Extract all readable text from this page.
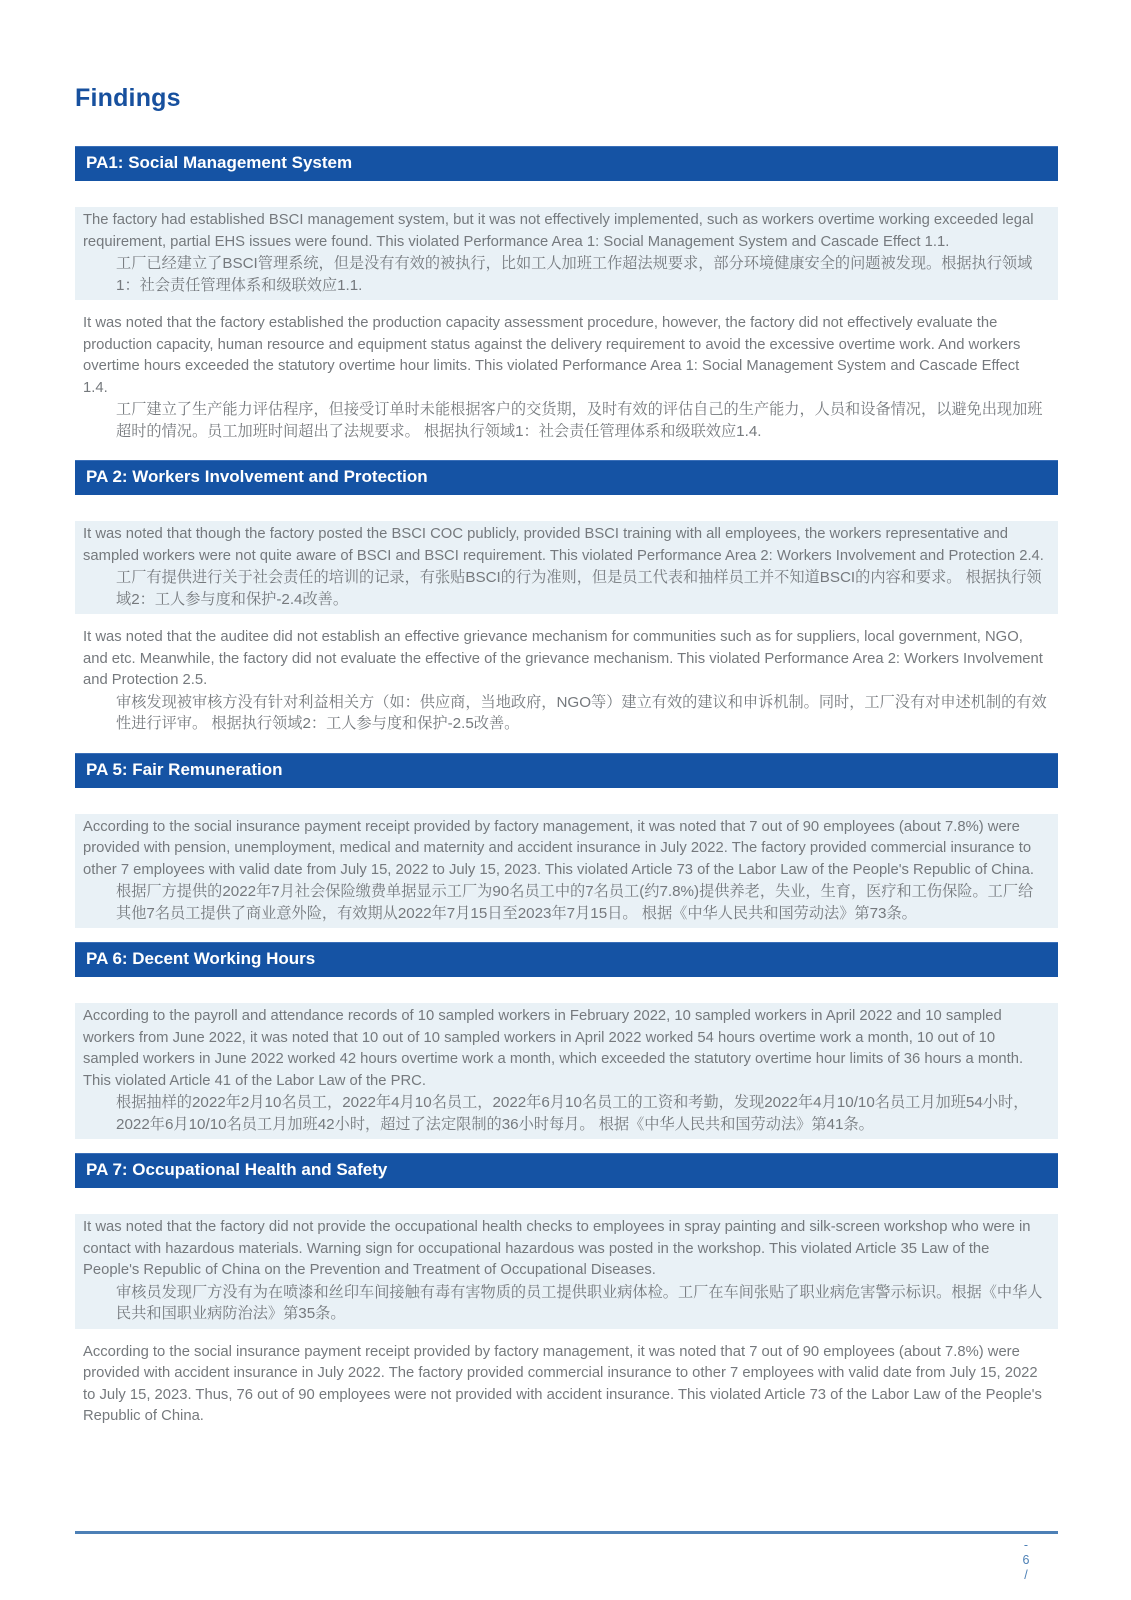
Findings
PA1: Social Management System

The factory had established BSCI management system, but it was not effectively implemented, such as workers overtime working exceeded legal requirement, partial EHS issues were found. This violated Performance Area 1: Social Management System and Cascade Effect 1.1.

工厂已经建立了BSCI管理系统，但是没有有效的被执行，比如工人加班工作超法规要求，部分环境健康安全的问题被发现。根据执行领域1：社会责任管理体系和级联效应1.1.

It was noted that the factory established the production capacity assessment procedure, however, the factory did not effectively evaluate the production capacity, human resource and equipment status against the delivery requirement to avoid the excessive overtime work. And workers overtime hours exceeded the statutory overtime hour limits. This violated Performance Area 1: Social Management System and Cascade Effect 1.4.

工厂建立了生产能力评估程序，但接受订单时未能根据客户的交货期，及时有效的评估自己的生产能力，人员和设备情况，以避免出现加班超时的情况。员工加班时间超出了法规要求。 根据执行领域1：社会责任管理体系和级联效应1.4.

PA 2: Workers Involvement and Protection

It was noted that though the factory posted the BSCI COC publicly, provided BSCI training with all employees, the workers representative and sampled workers were not quite aware of BSCI and BSCI requirement. This violated Performance Area 2: Workers Involvement and Protection 2.4.

工厂有提供进行关于社会责任的培训的记录，有张贴BSCI的行为准则，但是员工代表和抽样员工并不知道BSCI的内容和要求。 根据执行领域2：工人参与度和保护-2.4改善。

It was noted that the auditee did not establish an effective grievance mechanism for communities such as for suppliers, local government, NGO, and etc. Meanwhile, the factory did not evaluate the effective of the grievance mechanism. This violated Performance Area 2: Workers Involvement and Protection 2.5.

审核发现被审核方没有针对利益相关方（如：供应商，当地政府，NGO等）建立有效的建议和申诉机制。同时，工厂没有对申述机制的有效性进行评审。 根据执行领域2：工人参与度和保护-2.5改善。

PA 5: Fair Remuneration

According to the social insurance payment receipt provided by factory management, it was noted that 7 out of 90 employees (about 7.8%) were provided with pension, unemployment, medical and maternity and accident insurance in July 2022. The factory provided commercial insurance to other 7 employees with valid date from July 15, 2022 to July 15, 2023. This violated Article 73 of the Labor Law of the People's Republic of China.

根据厂方提供的2022年7月社会保险缴费单据显示工厂为90名员工中的7名员工(约7.8%)提供养老，失业，生育，医疗和工伤保险。工厂给其他7名员工提供了商业意外险，有效期从2022年7月15日至2023年7月15日。 根据《中华人民共和国劳动法》第73条。

PA 6: Decent Working Hours

According to the payroll and attendance records of 10 sampled workers in February 2022, 10 sampled workers in April 2022 and 10 sampled workers from June 2022, it was noted that 10 out of 10 sampled workers in April 2022 worked 54 hours overtime work a month, 10 out of 10 sampled workers in June 2022 worked 42 hours overtime work a month, which exceeded the statutory overtime hour limits of 36 hours a month. This violated Article 41 of the Labor Law of the PRC.

根据抽样的2022年2月10名员工，2022年4月10名员工，2022年6月10名员工的工资和考勤，发现2022年4月10/10名员工月加班54小时，2022年6月10/10名员工月加班42小时，超过了法定限制的36小时每月。 根据《中华人民共和国劳动法》第41条。

PA 7: Occupational Health and Safety

It was noted that the factory did not provide the occupational health checks to employees in spray painting and silk-screen workshop who were in contact with hazardous materials. Warning sign for occupational hazardous was posted in the workshop. This violated Article 35 Law of the People's Republic of China on the Prevention and Treatment of Occupational Diseases.

审核员发现厂方没有为在喷漆和丝印车间接触有毒有害物质的员工提供职业病体检。工厂在车间张贴了职业病危害警示标识。根据《中华人民共和国职业病防治法》第35条。

According to the social insurance payment receipt provided by factory management, it was noted that 7 out of 90 employees (about 7.8%) were provided with accident insurance in July 2022. The factory provided commercial insurance to other 7 employees with valid date from July 15, 2022 to July 15, 2023. Thus, 76 out of 90 employees were not provided with accident insurance. This violated Article 73 of the Labor Law of the People's Republic of China.

-
6
/
